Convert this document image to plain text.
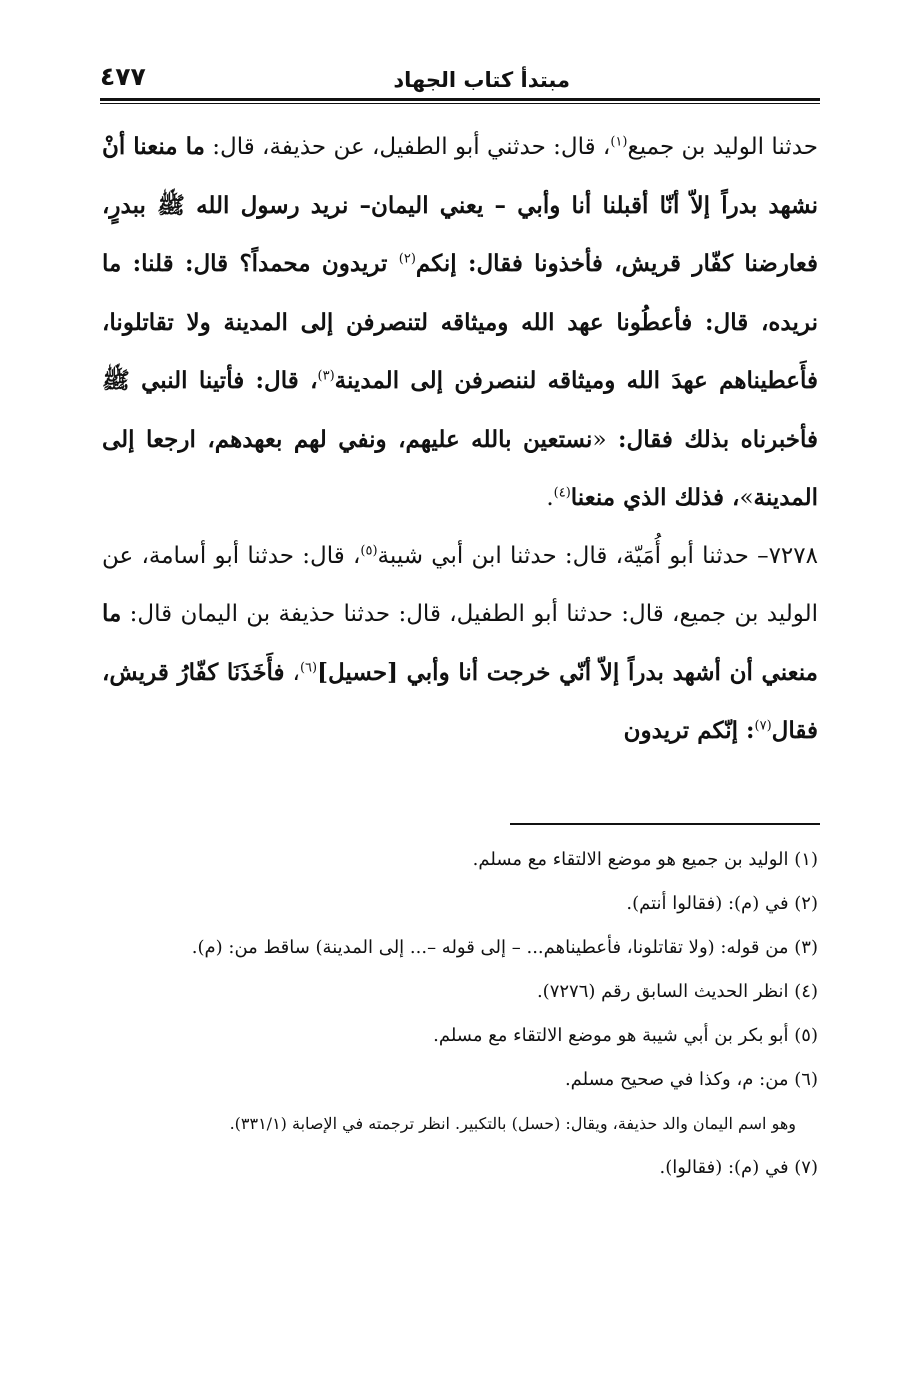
مبتدأ كتاب الجهاد
٤٧٧

حدثنا الوليد بن جميع$^{(١)}$، قال: حدثني أبو الطفيل، عن حذيفة، قال: ما منعنا أنْ نشهد بدراً إلاّ أنّا أقبلنا أنا وأبي – يعني اليمان– نريد رسول الله ﷺ ببدرٍ، فعارضنا كفّار قريش، فأخذونا فقال: إنكم$^{(٢)}$ تريدون محمداً؟ قال: قلنا: ما نريده، قال: فأعطُونا عهد الله وميثاقه لتنصرفن إلى المدينة ولا تقاتلونا، فأَعطيناهم عهدَ الله وميثاقه لننصرفن إلى المدينة$^{(٣)}$، قال: فأتينا النبي ﷺ فأخبرناه بذلك فقال: «نستعين بالله عليهم، ونفي لهم بعهدهم، ارجعا إلى المدينة»، فذلك الذي منعنا$^{(٤)}$.

٧٢٧٨– حدثنا أبو أُمَيّة، قال: حدثنا ابن أبي شيبة$^{(٥)}$، قال: حدثنا أبو أسامة، عن الوليد بن جميع، قال: حدثنا أبو الطفيل، قال: حدثنا حذيفة بن اليمان قال: ما منعني أن أشهد بدراً إلاّ أنّي خرجت أنا وأبي [حسيل]$^{(٦)}$، فأَخَذَنَا كفّارُ قريش، فقال$^{(٧)}$: إنّكم تريدون

(١) الوليد بن جميع هو موضع الالتقاء مع مسلم.

(٢) في (م): (فقالوا أنتم).

(٣) من قوله: (ولا تقاتلونا، فأعطيناهم... – إلى قوله –... إلى المدينة) ساقط من: (م).

(٤) انظر الحديث السابق رقم (٧٢٧٦).

(٥) أبو بكر بن أبي شيبة هو موضع الالتقاء مع مسلم.

(٦) من: م، وكذا في صحيح مسلم.

وهو اسم اليمان والد حذيفة، ويقال: (حسل) بالتكبير. انظر ترجمته في الإصابة (٣٣١/١).

(٧) في (م): (فقالوا).
